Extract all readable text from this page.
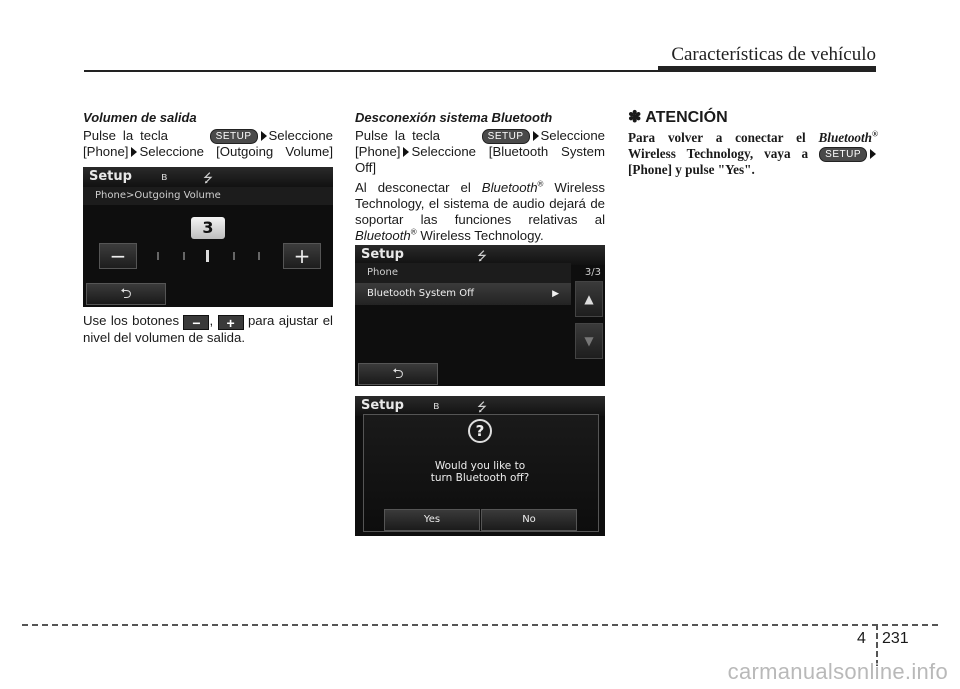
Características de vehículo
Volumen de salida
Pulse la tecla	SETUP Seleccione
[Phone] Seleccione [Outgoing Volume]
Setup	ʙ	⭍
Phone>Outgoing Volume
3
−	+
⮌
Use los botones − , + para ajustar el nivel del volumen de salida.
Desconexión sistema Bluetooth
Pulse la tecla	SETUP Seleccione
[Phone] Seleccione [Bluetooth System Off]
Al desconectar el Bluetooth® Wireless Technology, el sistema de audio dejará de soportar las funciones relativas al Bluetooth® Wireless Technology.
Setup	⭍
Phone	3/3
Bluetooth System Off	▶	▲
▼
⮌
Setup	ʙ	⭍
?
Would you like to
turn Bluetooth off?
Yes	No
✽ ATENCIÓN
Para volver a conectar el Bluetooth® Wireless Technology, vaya a SETUP [Phone] y pulse "Yes".
4 231
carmanualsonline.info
